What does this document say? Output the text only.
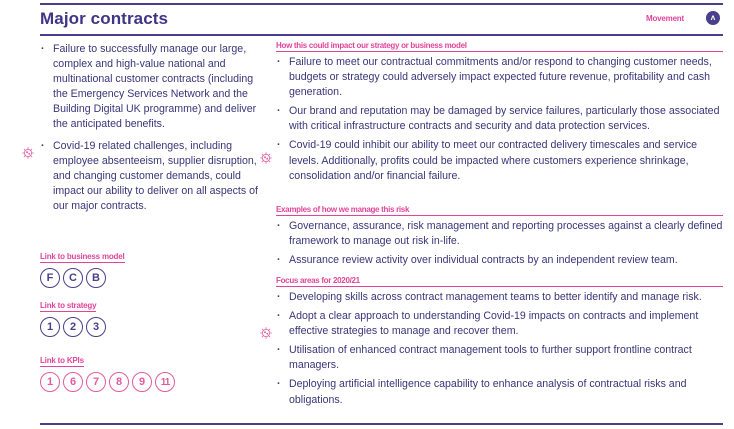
Major contracts	Movement	ʌ
· Failure to successfully manage our large, complex and high-value national and multinational customer contracts (including the Emergency Services Network and the Building Digital UK programme) and deliver the anticipated benefits.
· Covid-19 related challenges, including employee absenteeism, supplier disruption, and changing customer demands, could impact our ability to deliver on all aspects of our major contracts.
Link to business model
F	C	B
Link to strategy
1	2	3
Link to KPIs
1	6	7	8	9	11
How this could impact our strategy or business model
· Failure to meet our contractual commitments and/or respond to changing customer needs, budgets or strategy could adversely impact expected future revenue, profitability and cash generation.
· Our brand and reputation may be damaged by service failures, particularly those associated with critical infrastructure contracts and security and data protection services.
· Covid-19 could inhibit our ability to meet our contracted delivery timescales and service levels. Additionally, profits could be impacted where customers experience shrinkage, consolidation and/or financial failure.
Examples of how we manage this risk
· Governance, assurance, risk management and reporting processes against a clearly defined framework to manage out risk in-life.
· Assurance review activity over individual contracts by an independent review team.
Focus areas for 2020/21
· Developing skills across contract management teams to better identify and manage risk.
· Adopt a clear approach to understanding Covid-19 impacts on contracts and implement effective strategies to manage and recover them.
· Utilisation of enhanced contract management tools to further support frontline contract managers.
· Deploying artificial intelligence capability to enhance analysis of contractual risks and obligations.
